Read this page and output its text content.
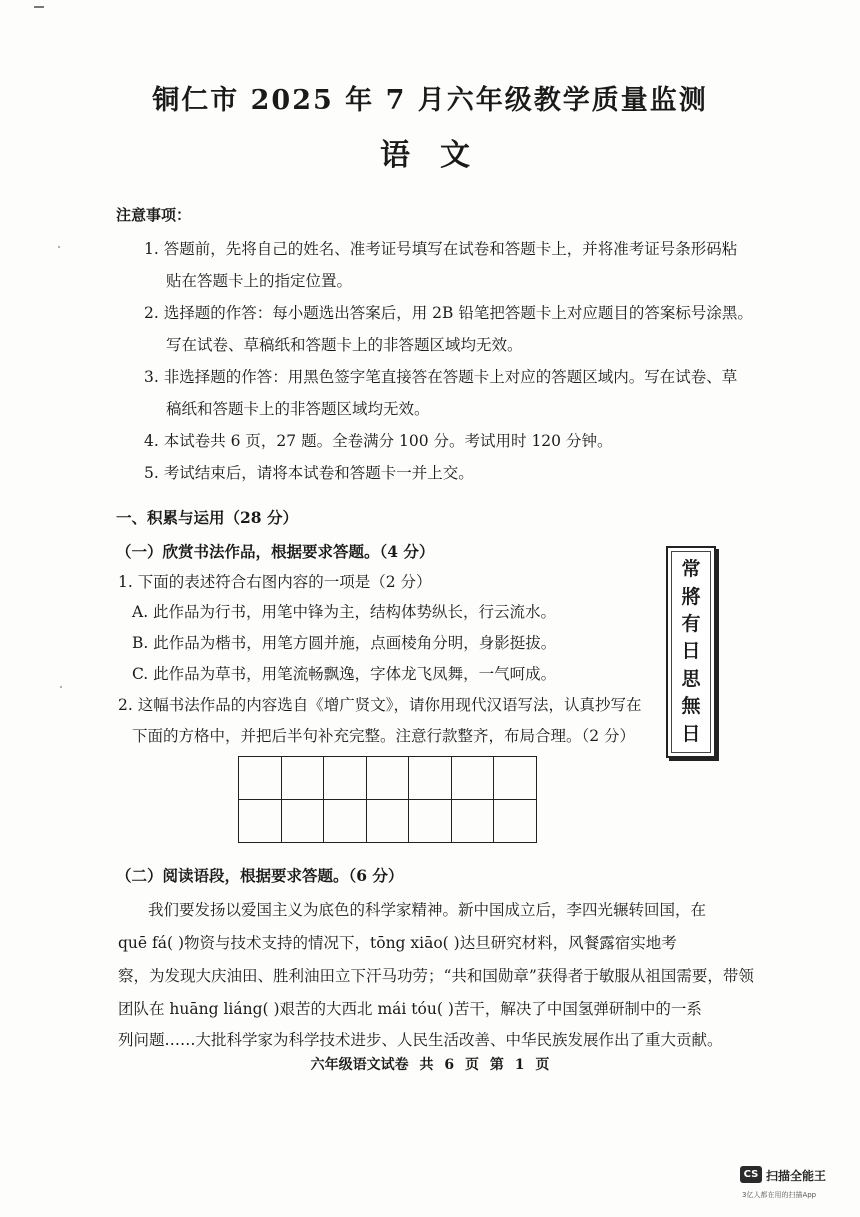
铜仁市 2025 年 7 月六年级教学质量监测
语文
注意事项：
1. 答题前，先将自己的姓名、准考证号填写在试卷和答题卡上，并将准考证号条形码粘
贴在答题卡上的指定位置。
2. 选择题的作答：每小题选出答案后，用 2B 铅笔把答题卡上对应题目的答案标号涂黑。
写在试卷、草稿纸和答题卡上的非答题区域均无效。
3. 非选择题的作答：用黑色签字笔直接答在答题卡上对应的答题区域内。写在试卷、草
稿纸和答题卡上的非答题区域均无效。
4. 本试卷共 6 页，27 题。全卷满分 100 分。考试用时 120 分钟。
5. 考试结束后，请将本试卷和答题卡一并上交。
一、积累与运用（28 分）
（一）欣赏书法作品，根据要求答题。（4 分）
1. 下面的表述符合右图内容的一项是（2 分）
A. 此作品为行书，用笔中锋为主，结构体势纵长，行云流水。
B. 此作品为楷书，用笔方圆并施，点画棱角分明，身影挺拔。
C. 此作品为草书，用笔流畅飘逸，字体龙飞凤舞，一气呵成。
2. 这幅书法作品的内容选自《增广贤文》，请你用现代汉语写法，认真抄写在
下面的方格中，并把后半句补充完整。注意行款整齐，布局合理。（2 分）
常
將
有
日
思
無
日

（二）阅读语段，根据要求答题。（6 分）
我们要发扬以爱国主义为底色的科学家精神。新中国成立后，李四光辗转回国，在
quē fá( )物资与技术支持的情况下，tōng xiāo( )达旦研究材料，风餐露宿实地考
察，为发现大庆油田、胜利油田立下汗马功劳；“共和国勋章”获得者于敏服从祖国需要，带领
团队在 huāng liáng( )艰苦的大西北 mái tóu( )苦干，解决了中国氢弹研制中的一系
列问题……大批科学家为科学技术进步、人民生活改善、中华民族发展作出了重大贡献。
六年级语文试卷 共 6 页 第 1 页
CS 扫描全能王
3亿人都在用的扫描App
